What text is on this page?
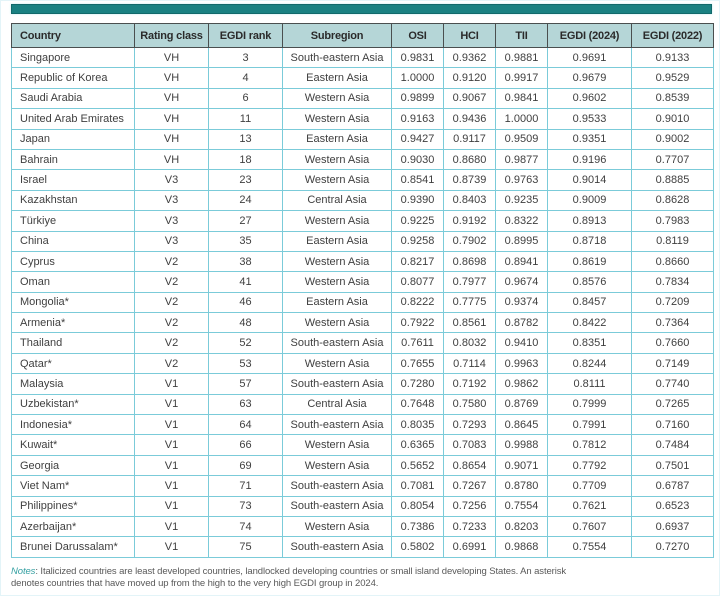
Country	Rating class	EGDI rank	Subregion	OSI	HCI	TII	EGDI (2024)	EGDI (2022)
Singapore	VH	3	South-eastern Asia	0.9831	0.9362	0.9881	0.9691	0.9133
Republic of Korea	VH	4	Eastern Asia	1.0000	0.9120	0.9917	0.9679	0.9529
Saudi Arabia	VH	6	Western Asia	0.9899	0.9067	0.9841	0.9602	0.8539
United Arab Emirates	VH	11	Western Asia	0.9163	0.9436	1.0000	0.9533	0.9010
Japan	VH	13	Eastern Asia	0.9427	0.9117	0.9509	0.9351	0.9002
Bahrain	VH	18	Western Asia	0.9030	0.8680	0.9877	0.9196	0.7707
Israel	V3	23	Western Asia	0.8541	0.8739	0.9763	0.9014	0.8885
Kazakhstan	V3	24	Central Asia	0.9390	0.8403	0.9235	0.9009	0.8628
Türkiye	V3	27	Western Asia	0.9225	0.9192	0.8322	0.8913	0.7983
China	V3	35	Eastern Asia	0.9258	0.7902	0.8995	0.8718	0.8119
Cyprus	V2	38	Western Asia	0.8217	0.8698	0.8941	0.8619	0.8660
Oman	V2	41	Western Asia	0.8077	0.7977	0.9674	0.8576	0.7834
Mongolia*	V2	46	Eastern Asia	0.8222	0.7775	0.9374	0.8457	0.7209
Armenia*	V2	48	Western Asia	0.7922	0.8561	0.8782	0.8422	0.7364
Thailand	V2	52	South-eastern Asia	0.7611	0.8032	0.9410	0.8351	0.7660
Qatar*	V2	53	Western Asia	0.7655	0.7114	0.9963	0.8244	0.7149
Malaysia	V1	57	South-eastern Asia	0.7280	0.7192	0.9862	0.8111	0.7740
Uzbekistan*	V1	63	Central Asia	0.7648	0.7580	0.8769	0.7999	0.7265
Indonesia*	V1	64	South-eastern Asia	0.8035	0.7293	0.8645	0.7991	0.7160
Kuwait*	V1	66	Western Asia	0.6365	0.7083	0.9988	0.7812	0.7484
Georgia	V1	69	Western Asia	0.5652	0.8654	0.9071	0.7792	0.7501
Viet Nam*	V1	71	South-eastern Asia	0.7081	0.7267	0.8780	0.7709	0.6787
Philippines*	V1	73	South-eastern Asia	0.8054	0.7256	0.7554	0.7621	0.6523
Azerbaijan*	V1	74	Western Asia	0.7386	0.7233	0.8203	0.7607	0.6937
Brunei Darussalam*	V1	75	South-eastern Asia	0.5802	0.6991	0.9868	0.7554	0.7270
Notes: Italicized countries are least developed countries, landlocked developing countries or small island developing States. An asterisk
denotes countries that have moved up from the high to the very high EGDI group in 2024.
